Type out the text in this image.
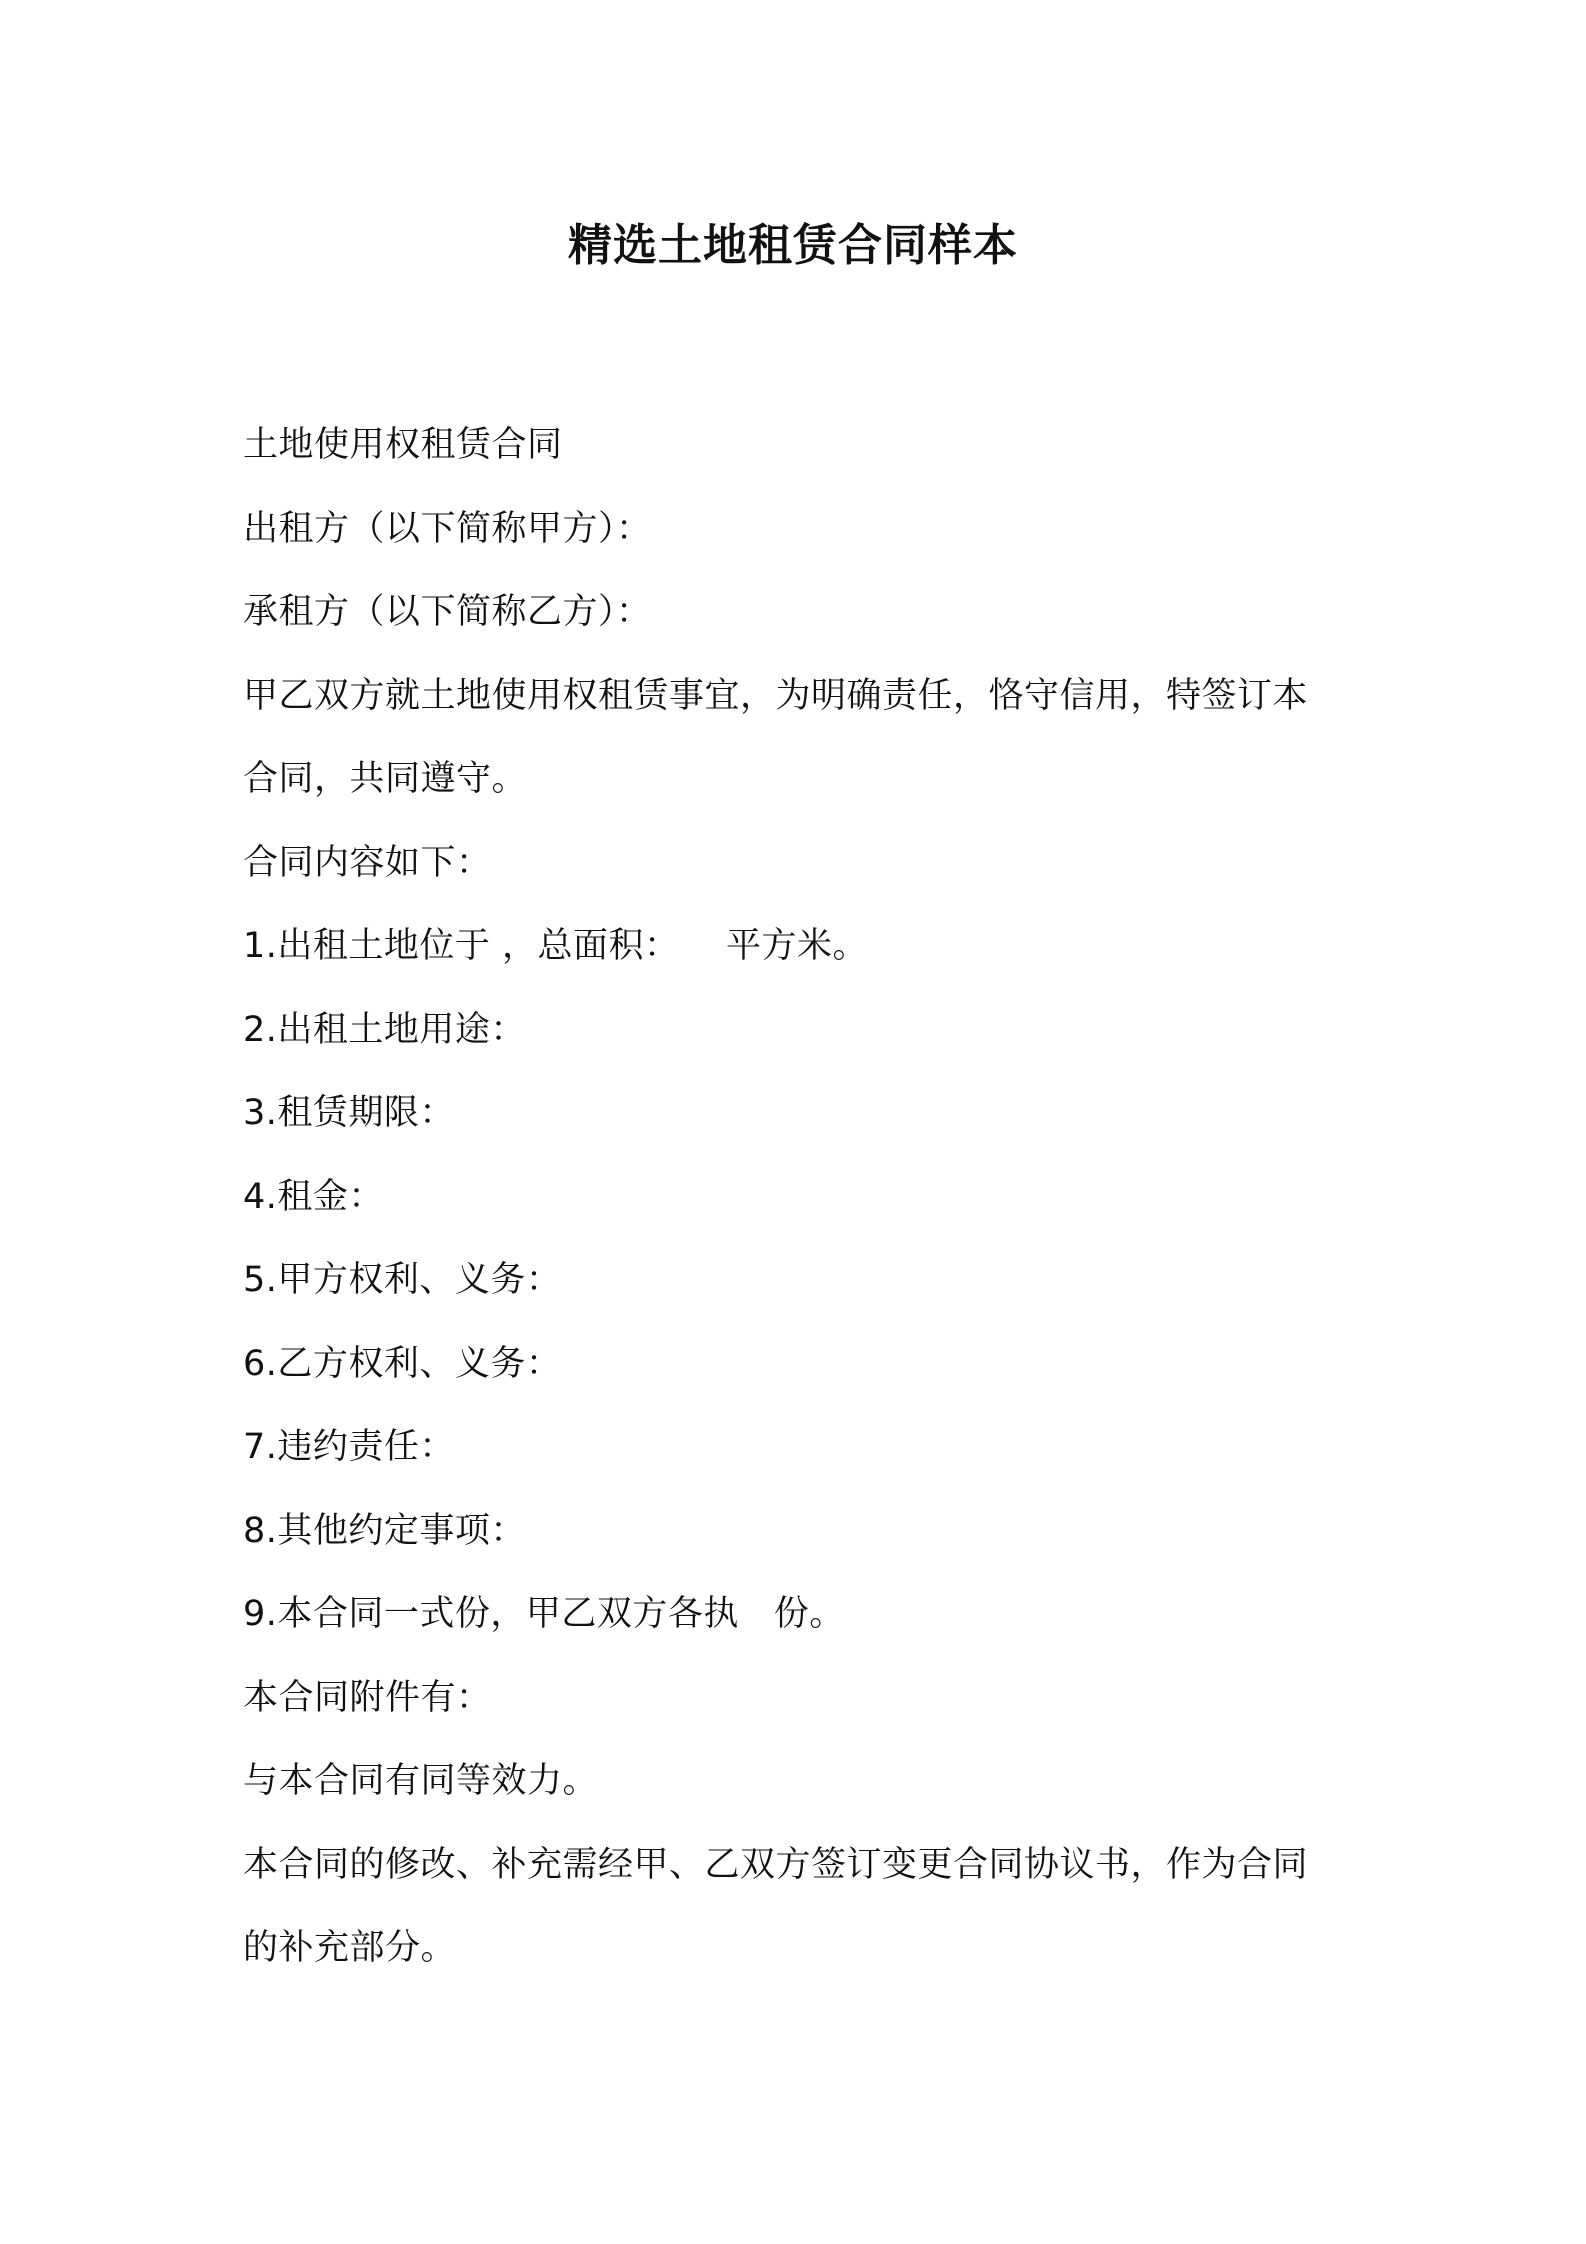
精选土地租赁合同样本
土地使用权租赁合同
出租方（以下简称甲方）：
承租方（以下简称乙方）：
甲乙双方就土地使用权租赁事宜，为明确责任，恪守信用，特签订本
合同，共同遵守。
合同内容如下：
1.出租土地位于 ，总面积：    平方米。
2.出租土地用途：
3.租赁期限：
4.租金：
5.甲方权利、义务：
6.乙方权利、义务：
7.违约责任：
8.其他约定事项：
9.本合同一式份，甲乙双方各执   份。
本合同附件有：
与本合同有同等效力。
本合同的修改、补充需经甲、乙双方签订变更合同协议书，作为合同
的补充部分。
